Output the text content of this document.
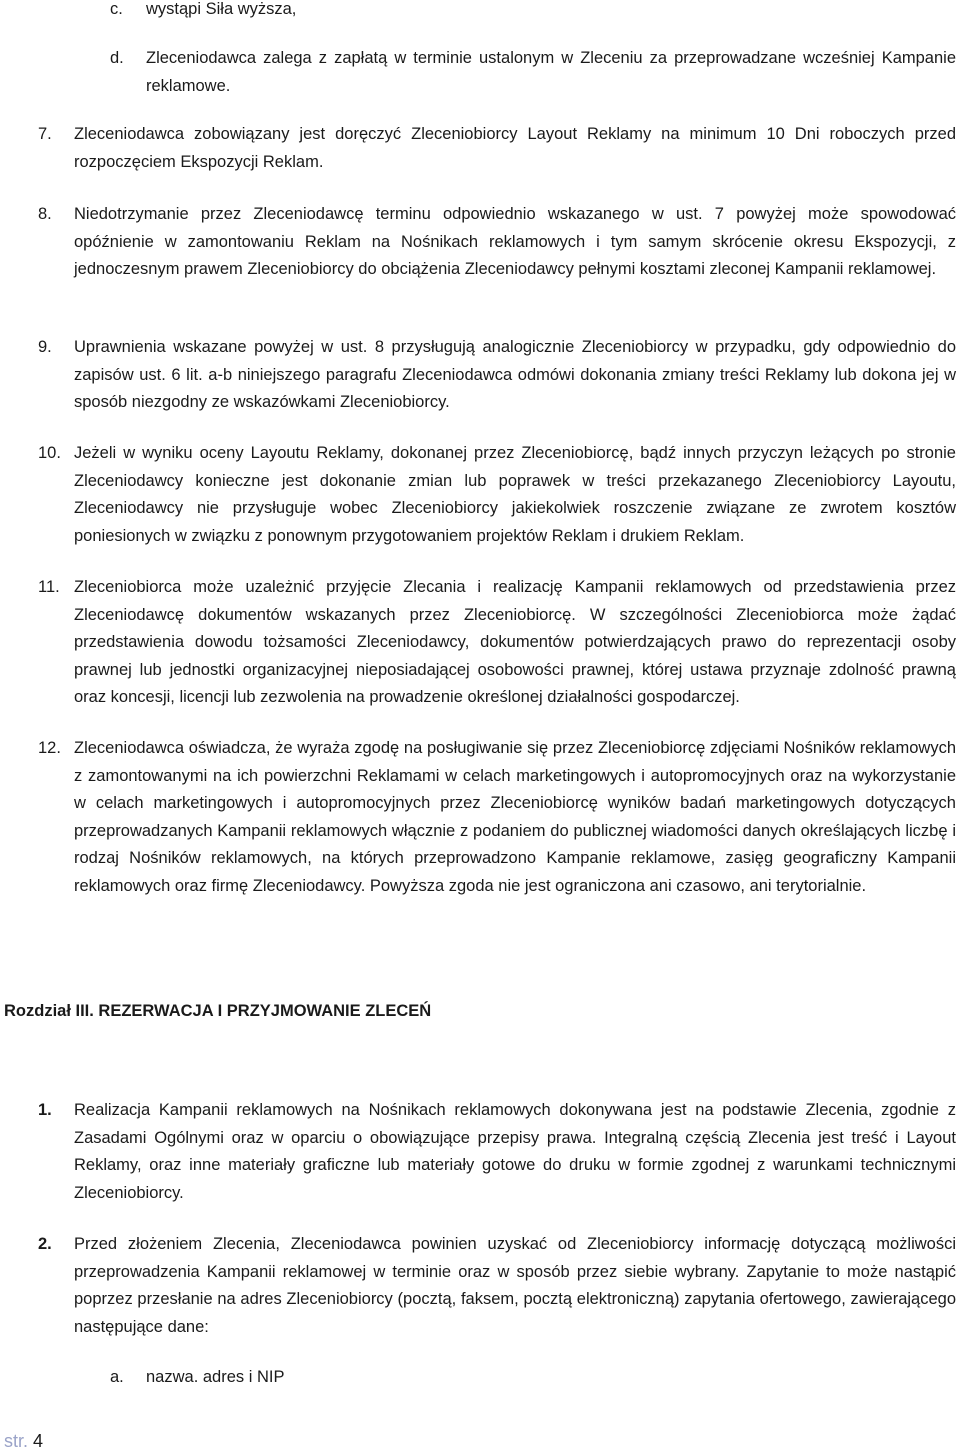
c. wystąpi Siła wyższa,
d. Zleceniodawca zalega z zapłatą w terminie ustalonym w Zleceniu za przeprowadzane wcześniej Kampanie reklamowe.
7. Zleceniodawca zobowiązany jest doręczyć Zleceniobiorcy Layout Reklamy na minimum 10 Dni roboczych przed rozpoczęciem Ekspozycji Reklam.
8. Niedotrzymanie przez Zleceniodawcę terminu odpowiednio wskazanego w ust. 7 powyżej może spowodować opóźnienie w zamontowaniu Reklam na Nośnikach reklamowych i tym samym skrócenie okresu Ekspozycji, z jednoczesnym prawem Zleceniobiorcy do obciążenia Zleceniodawcy pełnymi kosztami zleconej Kampanii reklamowej.
9. Uprawnienia wskazane powyżej w ust. 8 przysługują analogicznie Zleceniobiorcy w przypadku, gdy odpowiednio do zapisów ust. 6 lit. a-b niniejszego paragrafu Zleceniodawca odmówi dokonania zmiany treści Reklamy lub dokona jej w sposób niezgodny ze wskazówkami Zleceniobiorcy.
10. Jeżeli w wyniku oceny Layoutu Reklamy, dokonanej przez Zleceniobiorcę, bądź innych przyczyn leżących po stronie Zleceniodawcy konieczne jest dokonanie zmian lub poprawek w treści przekazanego Zleceniobiorcy Layoutu, Zleceniodawcy nie przysługuje wobec Zleceniobiorcy jakiekolwiek roszczenie związane ze zwrotem kosztów poniesionych w związku z ponownym przygotowaniem projektów Reklam i drukiem Reklam.
11. Zleceniobiorca może uzależnić przyjęcie Zlecania i realizację Kampanii reklamowych od przedstawienia przez Zleceniodawcę dokumentów wskazanych przez Zleceniobiorcę. W szczególności Zleceniobiorca może żądać przedstawienia dowodu tożsamości Zleceniodawcy, dokumentów potwierdzających prawo do reprezentacji osoby prawnej lub jednostki organizacyjnej nieposiadającej osobowości prawnej, której ustawa przyznaje zdolność prawną oraz koncesji, licencji lub zezwolenia na prowadzenie określonej działalności gospodarczej.
12. Zleceniodawca oświadcza, że wyraża zgodę na posługiwanie się przez Zleceniobiorcę zdjęciami Nośników reklamowych z zamontowanymi na ich powierzchni Reklamami w celach marketingowych i autopromocyjnych oraz na wykorzystanie w celach marketingowych i autopromocyjnych przez Zleceniobiorcę wyników badań marketingowych dotyczących przeprowadzanych Kampanii reklamowych włącznie z podaniem do publicznej wiadomości danych określających liczbę i rodzaj Nośników reklamowych, na których przeprowadzono Kampanie reklamowe, zasięg geograficzny Kampanii reklamowych oraz firmę Zleceniodawcy. Powyższa zgoda nie jest ograniczona ani czasowo, ani terytorialnie.
Rozdział III. REZERWACJA I PRZYJMOWANIE ZLECEŃ
1. Realizacja Kampanii reklamowych na Nośnikach reklamowych dokonywana jest na podstawie Zlecenia, zgodnie z Zasadami Ogólnymi oraz w oparciu o obowiązujące przepisy prawa. Integralną częścią Zlecenia jest treść i Layout Reklamy, oraz inne materiały graficzne lub materiały gotowe do druku w formie zgodnej z warunkami technicznymi Zleceniobiorcy.
2. Przed złożeniem Zlecenia, Zleceniodawca powinien uzyskać od Zleceniobiorcy informację dotyczącą możliwości przeprowadzenia Kampanii reklamowej w terminie oraz w sposób przez siebie wybrany. Zapytanie to może nastąpić poprzez przesłanie na adres Zleceniobiorcy (pocztą, faksem, pocztą elektroniczną) zapytania ofertowego, zawierającego następujące dane:
a. nazwa. adres i NIP
str. 4
